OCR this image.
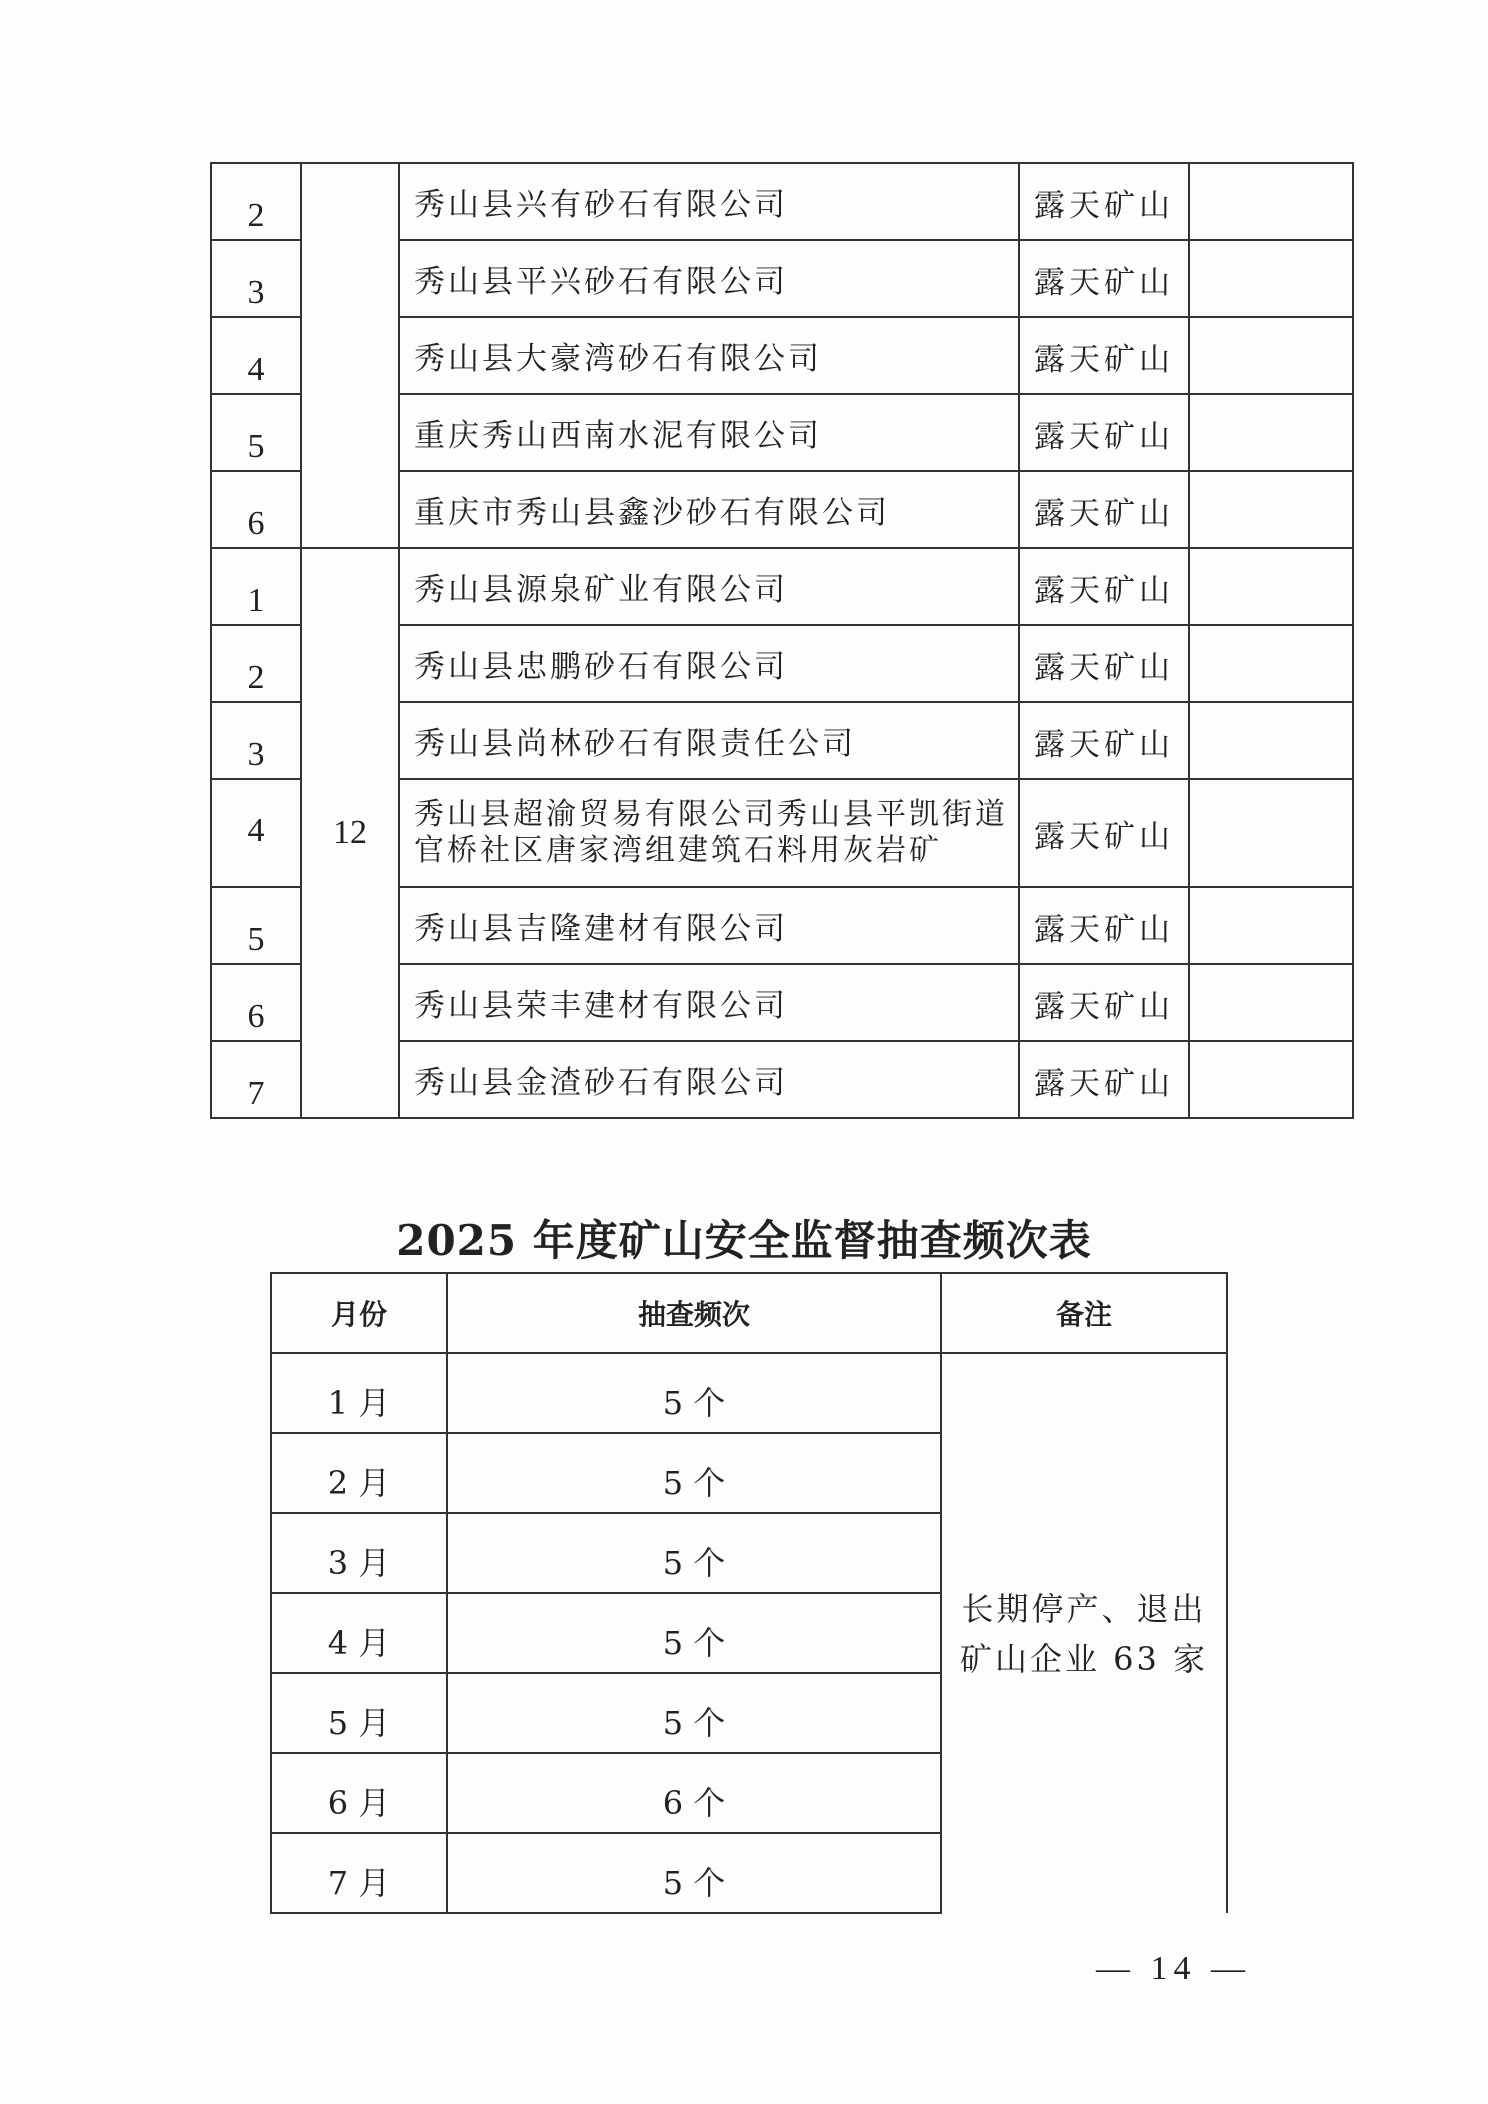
2		秀山县兴有砂石有限公司	露天矿山	
3		秀山县平兴砂石有限公司	露天矿山	
4		秀山县大豪湾砂石有限公司	露天矿山	
5		重庆秀山西南水泥有限公司	露天矿山	
6		重庆市秀山县鑫沙砂石有限公司	露天矿山	
1	12	秀山县源泉矿业有限公司	露天矿山	
2		秀山县忠鹏砂石有限公司	露天矿山	
3		秀山县尚林砂石有限责任公司	露天矿山	
4		秀山县超渝贸易有限公司秀山县平凯街道官桥社区唐家湾组建筑石料用灰岩矿	露天矿山	
5		秀山县吉隆建材有限公司	露天矿山	
6		秀山县荣丰建材有限公司	露天矿山	
7		秀山县金渣砂石有限公司	露天矿山	
2025 年度矿山安全监督抽查频次表
月份	抽查频次	备注
1 月	5 个	长期停产、退出
矿山企业 63 家

2 月	5 个	
3 月	5 个	
4 月	5 个	
5 月	5 个	
6 月	6 个	
7 月	5 个	
— 14 —
